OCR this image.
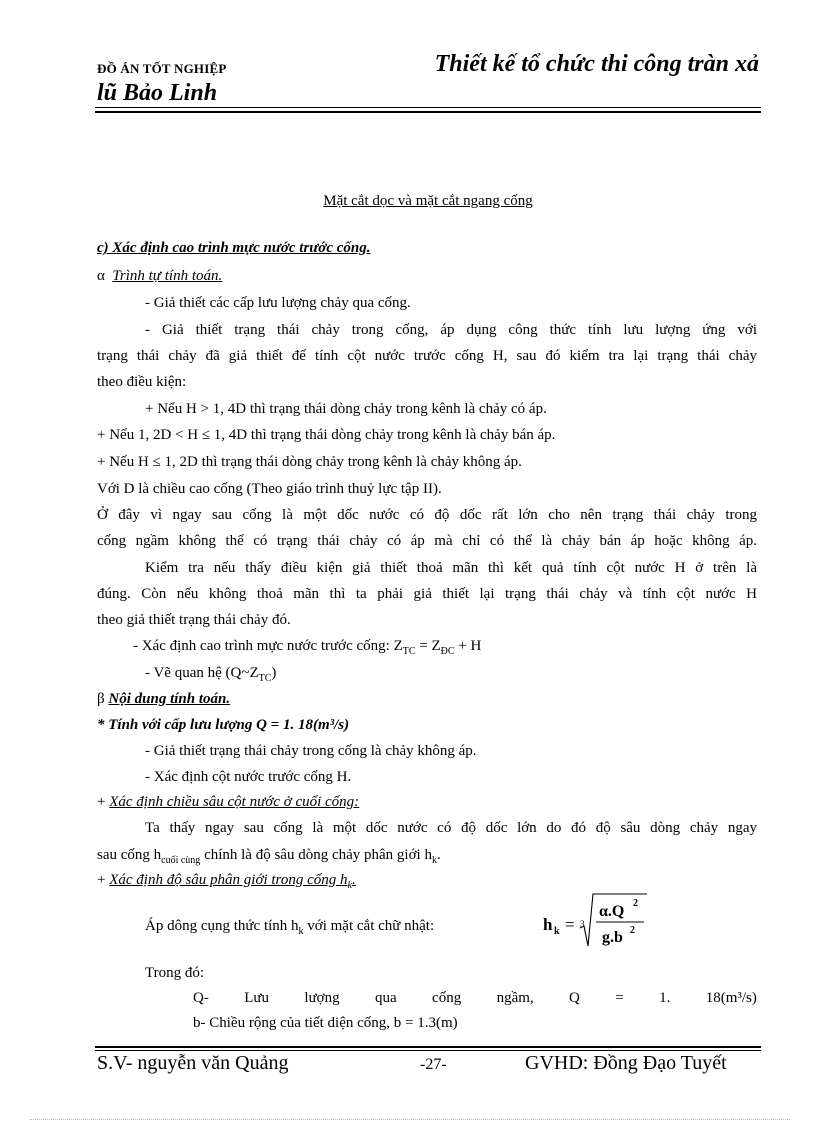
ĐỒ ÁN TỐT NGHIỆP	Thiết kế tổ chức thi công tràn xả
lũ Bảo Linh
Mặt cắt dọc và mặt cắt ngang cống
c) Xác định cao trình mực nước trước cống.
α Trình tự tính toán.
- Giả thiết các cấp lưu lượng chảy qua cống.
- Giả thiết trạng thái chảy trong cống, áp dụng công thức tính lưu lượng ứng với
trạng thái chảy đã giả thiết để tính cột nước trước cống H, sau đó kiểm tra lại trạng thái chảy
theo điều kiện:
+ Nếu H > 1, 4D thì trạng thái dòng chảy trong kênh là chảy có áp.
+ Nếu 1, 2D < H ≤ 1, 4D thì trạng thái dòng chảy trong kênh là chảy bán áp.
+ Nếu H ≤ 1, 2D thì trạng thái dòng chảy trong kênh là chảy không áp.
Với D là chiều cao cống (Theo giáo trình thuỷ lực tập II).
Ở đây vì ngay sau cống là một dốc nước có độ dốc rất lớn cho nên trạng thái chảy trong
cống ngầm không thể có trạng thái chảy có áp mà chỉ có thể là chảy bán áp hoặc không áp.
Kiểm tra nếu thấy điều kiện giả thiết thoả mãn thì kết quả tính cột nước H ở trên là
đúng. Còn nếu không thoả mãn thì ta phải giả thiết lại trạng thái chảy và tính cột nước H
theo giả thiết trạng thái chảy đó.
- Xác định cao trình mực nước trước cống: $Z_{TC} = Z_{ĐC} + H$
- Vẽ quan hệ $(Q\sim Z_{TC})$
β Nội dung tính toán.
* Tính với cấp lưu lượng Q = 1. 18(m³/s)
- Giả thiết trạng thái chảy trong cống là chảy không áp.
- Xác định cột nước trước cống H.
+ Xác định chiều sâu cột nước ở cuối cống:
Ta thấy ngay sau cống là một dốc nước có độ dốc lớn do đó độ sâu dòng chảy ngay
sau cống $h_{cuối cùng}$ chính là độ sâu dòng chảy phân giới $h_k$.
+ Xác định độ sâu phân giới trong cống $h_k$.
Áp dông cụng thức tính $h_k$ với mặt cắt chữ nhật:	h k = 3
α.Q 2
g.b 2
Trong đó:
Q- Lưu lượng qua cống ngầm, Q = 1. 18(m³/s)
b- Chiều rộng của tiết diện cống, b = 1.3(m)
S.V- nguyễn văn Quảng	-27-	GVHD: Đồng Đạo Tuyết
